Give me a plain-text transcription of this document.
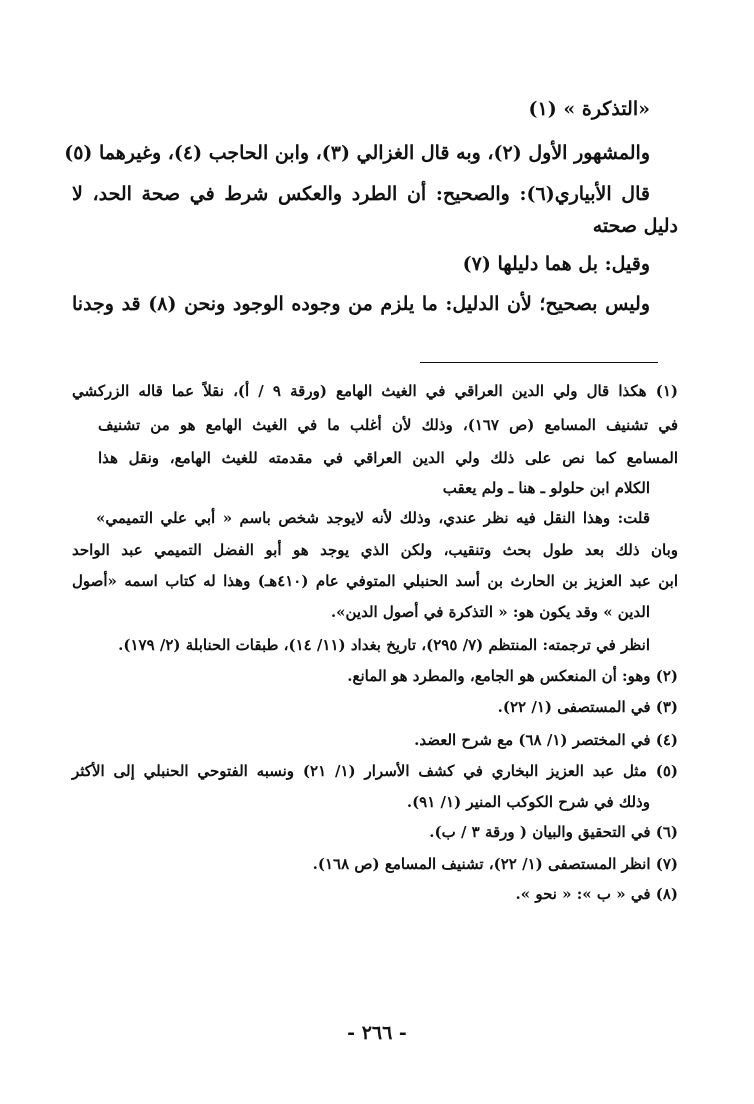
«التذكرة » (١)
والمشهور الأول (٢)، وبه قال الغزالي (٣)، وابن الحاجب (٤)، وغيرهما (٥)
قال الأبياري(٦): والصحيح: أن الطرد والعكس شرط في صحة الحد، لا
دليل صحته
وقيل: بل هما دليلها (٧)
وليس بصحيح؛ لأن الدليل: ما يلزم من وجوده الوجود ونحن (٨) قد وجدنا
(١) هكذا قال ولي الدين العراقي في الغيث الهامع (ورقة ٩ / أ)، نقلاً عما قاله الزركشي
في تشنيف المسامع (ص ١٦٧)، وذلك لأن أغلب ما في الغيث الهامع هو من تشنيف
المسامع كما نص على ذلك ولي الدين العراقي في مقدمته للغيث الهامع، ونقل هذا
الكلام ابن حلولو ـ هنا ـ ولم يعقب
قلت: وهذا النقل فيه نظر عندي، وذلك لأنه لايوجد شخص باسم « أبي علي التميمي»
وبان ذلك بعد طول بحث وتنقيب، ولكن الذي يوجد هو أبو الفضل التميمي عبد الواحد
ابن عبد العزيز بن الحارث بن أسد الحنبلي المتوفي عام (٤١٠هـ) وهذا له كتاب اسمه «أصول
الدين » وقد يكون هو: « التذكرة في أصول الدين».
انظر في ترجمته: المنتظم (٧/ ٢٩٥)، تاريخ بغداد (١١/ ١٤)، طبقات الحنابلة (٢/ ١٧٩).
(٢) وهو: أن المنعكس هو الجامع، والمطرد هو المانع.
(٣) في المستصفى (١/ ٢٢).
(٤) في المختصر (١/ ٦٨) مع شرح العضد.
(٥) مثل عبد العزيز البخاري في كشف الأسرار (١/ ٢١) ونسبه الفتوحي الحنبلي إلى الأكثر
وذلك في شرح الكوكب المنير (١/ ٩١).
(٦) في التحقيق والبيان ( ورقة ٣ / ب).
(٧) انظر المستصفى (١/ ٢٢)، تشنيف المسامع (ص ١٦٨).
(٨) في « ب »: « نحو ».
- ٢٦٦ -
